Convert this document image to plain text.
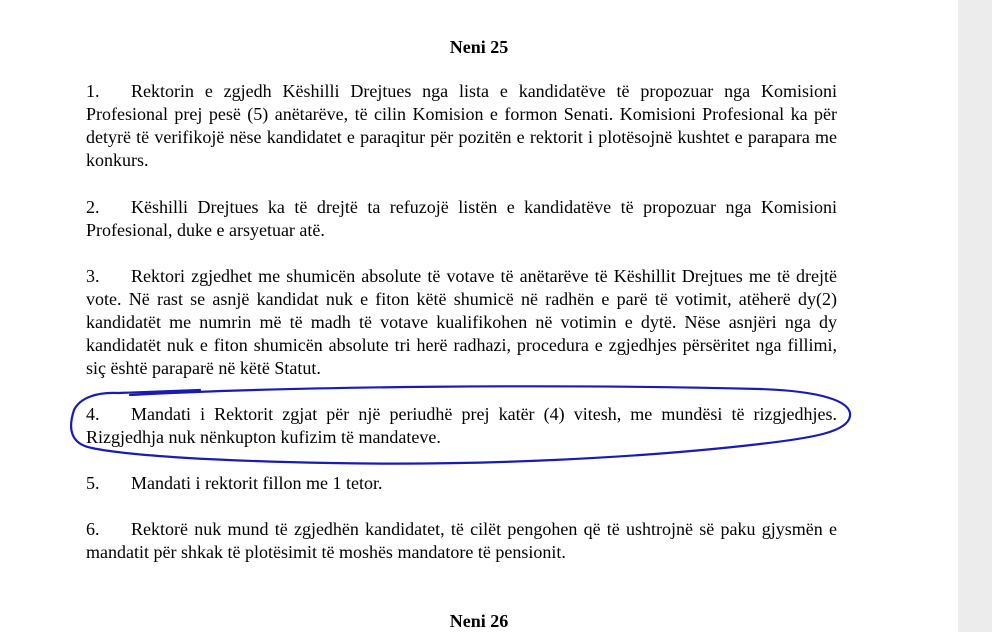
Neni 25

1. Rektorin e zgjedh Këshilli Drejtues nga lista e kandidatëve të propozuar nga Komisioni Profesional prej pesë (5) anëtarëve, të cilin Komision e formon Senati. Komisioni Profesional ka për detyrë të verifikojë nëse kandidatet e paraqitur për pozitën e rektorit i plotësojnë kushtet e parapara me konkurs.

2. Këshilli Drejtues ka të drejtë ta refuzojë listën e kandidatëve të propozuar nga Komisioni Profesional, duke e arsyetuar atë.

3. Rektori zgjedhet me shumicën absolute të votave të anëtarëve të Këshillit Drejtues me të drejtë vote. Në rast se asnjë kandidat nuk e fiton këtë shumicë në radhën e parë të votimit, atëherë dy(2) kandidatët me numrin më të madh të votave kualifikohen në votimin e dytë. Nëse asnjëri nga dy kandidatët nuk e fiton shumicën absolute tri herë radhazi, procedura e zgjedhjes përsëritet nga fillimi, siç është paraparë në këtë Statut.

4. Mandati i Rektorit zgjat për një periudhë prej katër (4) vitesh, me mundësi të rizgjedhjes. Rizgjedhja nuk nënkupton kufizim të mandateve.

5. Mandati i rektorit fillon me 1 tetor.

6. Rektorë nuk mund të zgjedhën kandidatet, të cilët pengohen që të ushtrojnë së paku gjysmën e mandatit për shkak të plotësimit të moshës mandatore të pensionit.

Neni 26
